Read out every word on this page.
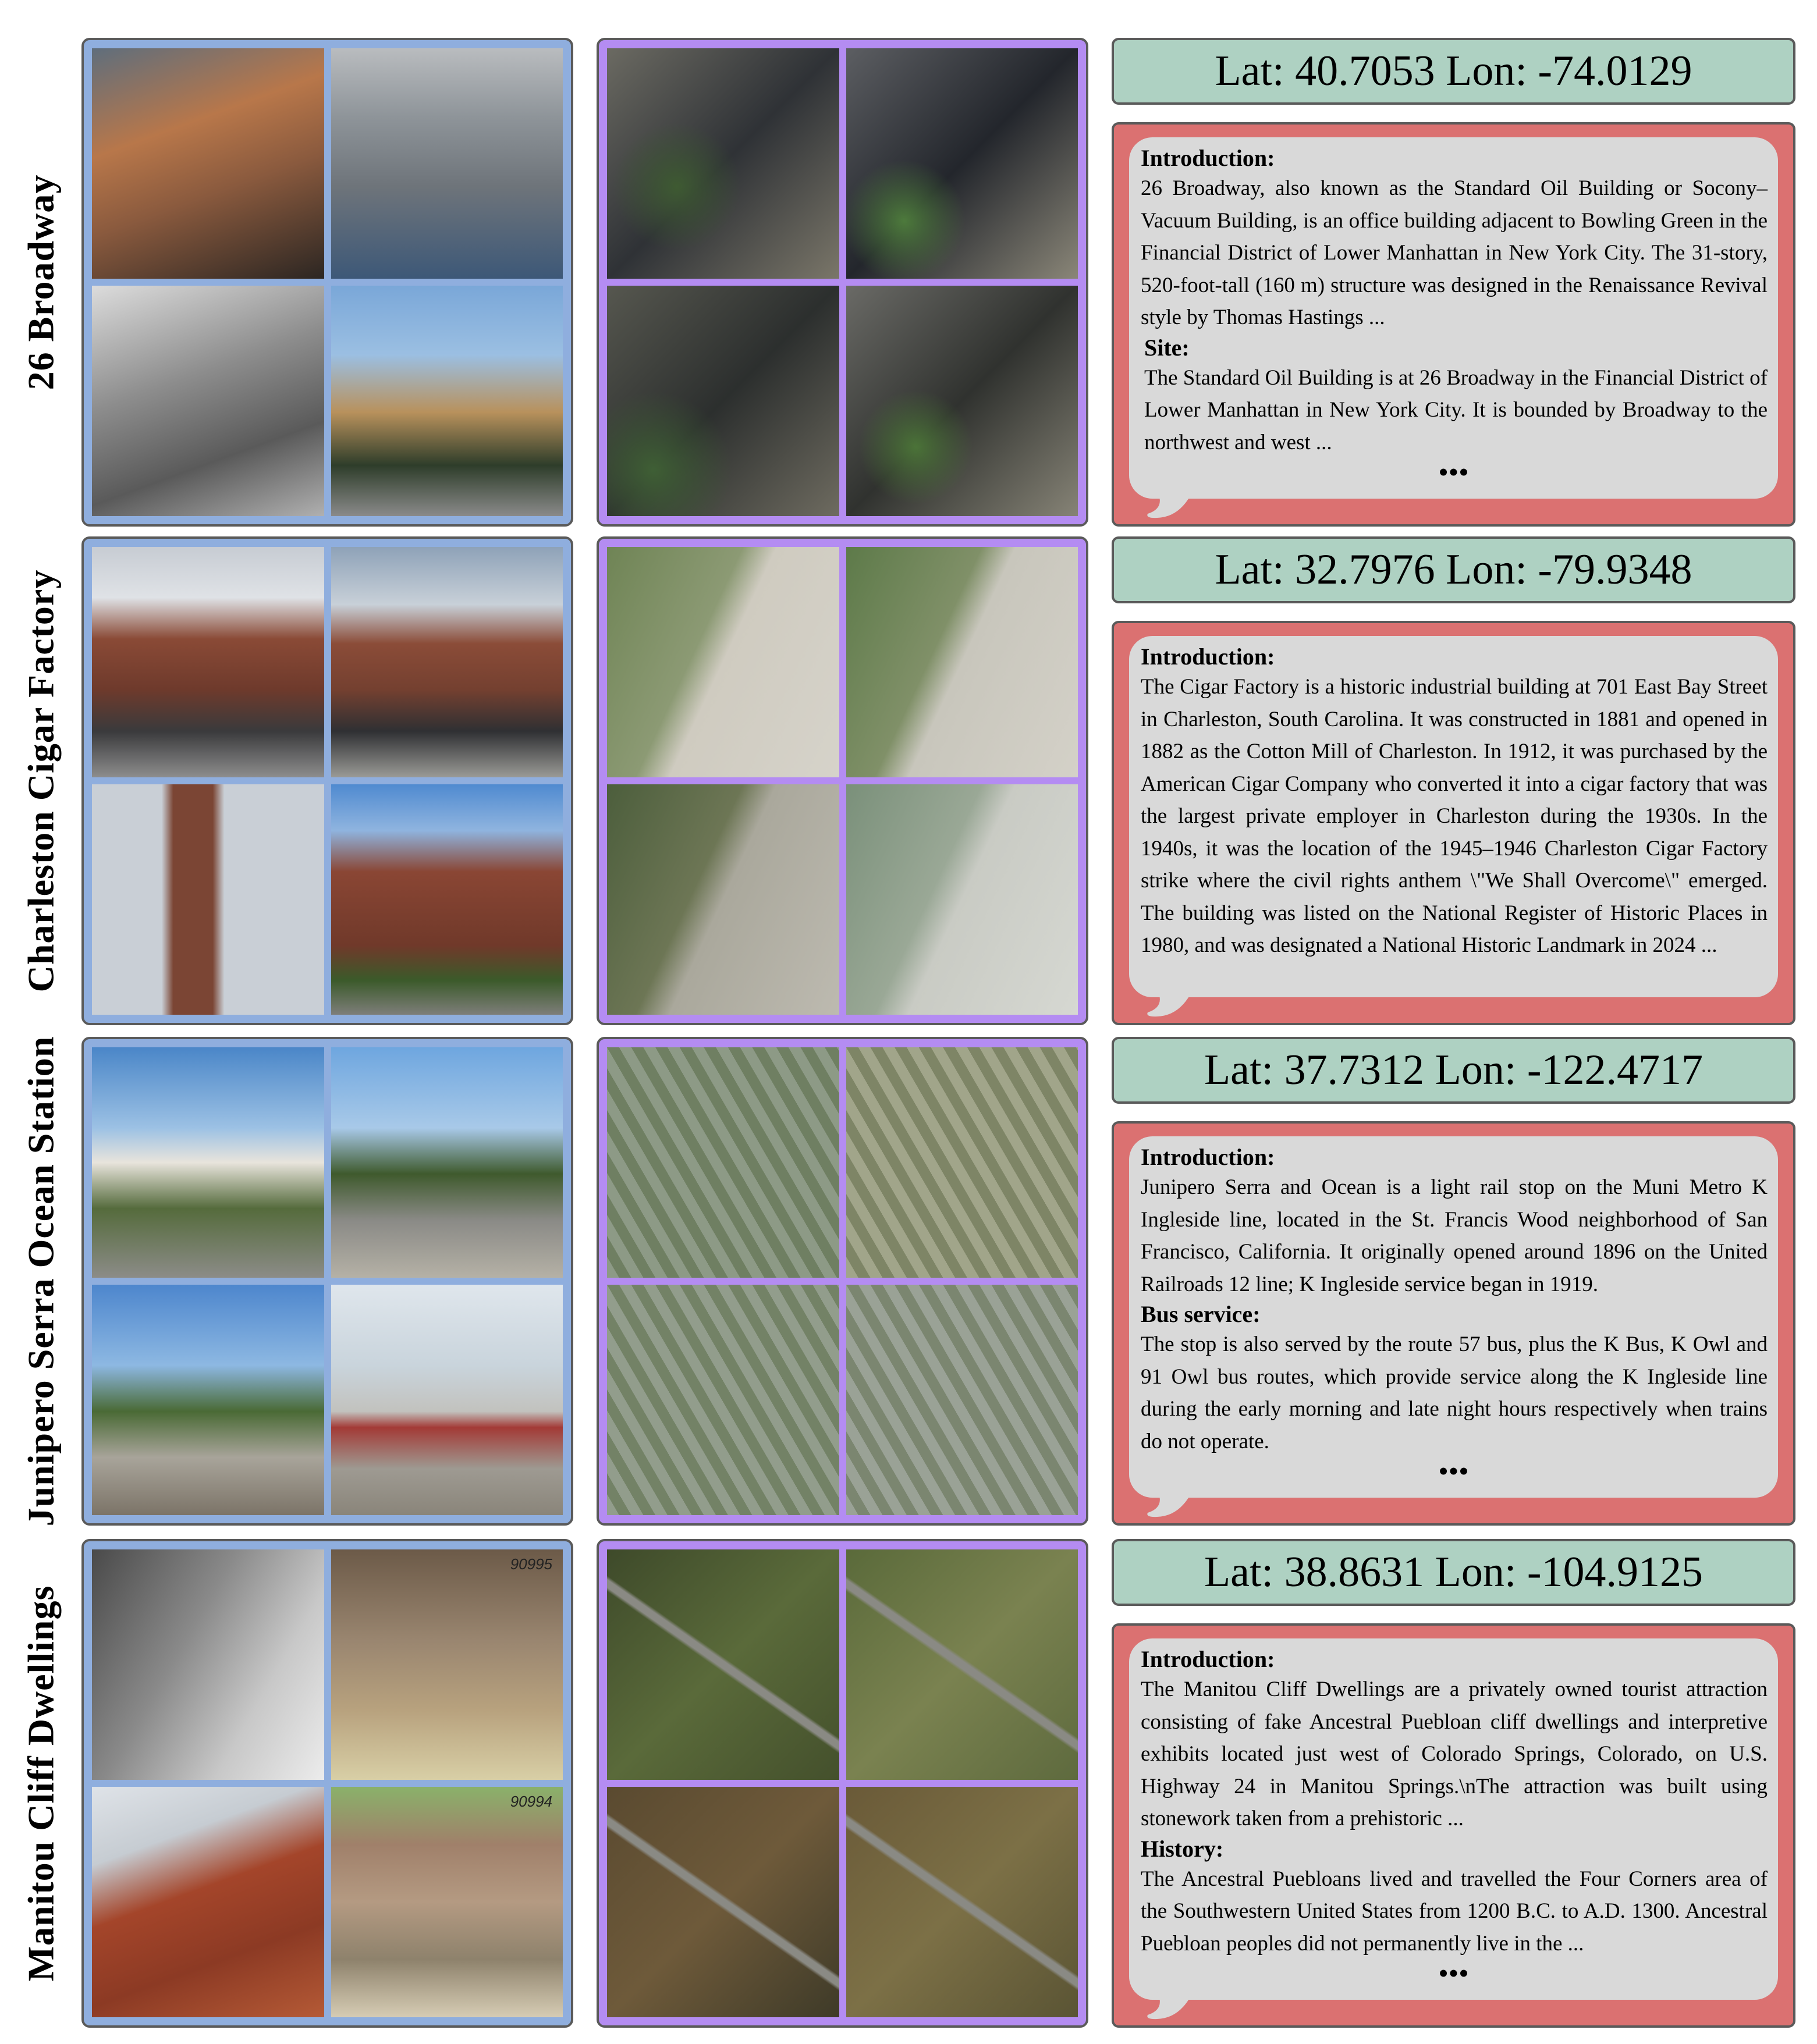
26 Broadway
Lat: 40.7053 Lon: -74.0129
Introduction:

26 Broadway, also known as the Standard Oil Building or Socony–Vacuum Building, is an office building adjacent to Bowling Green in the Financial District of Lower Manhattan in New York City. The 31-story, 520-foot-tall (160 m) structure was designed in the Renaissance Revival style by Thomas Hastings ...

Site:

The Standard Oil Building is at 26 Broadway in the Financial District of Lower Manhattan in New York City. It is bounded by Broadway to the northwest and west ...

•••
Charleston Cigar Factory	Lat: 32.7976 Lon: -79.9348
Introduction:

The Cigar Factory is a historic industrial building at 701 East Bay Street in Charleston, South Carolina. It was constructed in 1881 and opened in 1882 as the Cotton Mill of Charleston. In 1912, it was purchased by the American Cigar Company who converted it into a cigar factory that was the largest private employer in Charleston during the 1930s. In the 1940s, it was the location of the 1945–1946 Charleston Cigar Factory strike where the civil rights anthem \"We Shall Overcome\" emerged. The building was listed on the National Register of Historic Places in 1980, and was designated a National Historic Landmark in 2024 ...

Junipero Serra Ocean Station	Lat: 37.7312 Lon: -122.4717
Introduction:

Junipero Serra and Ocean is a light rail stop on the Muni Metro K Ingleside line, located in the St. Francis Wood neighborhood of San Francisco, California. It originally opened around 1896 on the United Railroads 12 line; K Ingleside service began in 1919.

Bus service:

The stop is also served by the route 57 bus, plus the K Bus, K Owl and 91 Owl bus routes, which provide service along the K Ingleside line during the early morning and late night hours respectively when trains do not operate.

•••
Manitou Cliff Dwellings
90995
90994
Lat: 38.8631 Lon: -104.9125
Introduction:

The Manitou Cliff Dwellings are a privately owned tourist attraction consisting of fake Ancestral Puebloan cliff dwellings and interpretive exhibits located just west of Colorado Springs, Colorado, on U.S. Highway 24 in Manitou Springs.\nThe attraction was built using stonework taken from a prehistoric ...

History:

The Ancestral Puebloans lived and travelled the Four Corners area of the Southwestern United States from 1200 B.C. to A.D. 1300. Ancestral Puebloan peoples did not permanently live in the ...

•••
